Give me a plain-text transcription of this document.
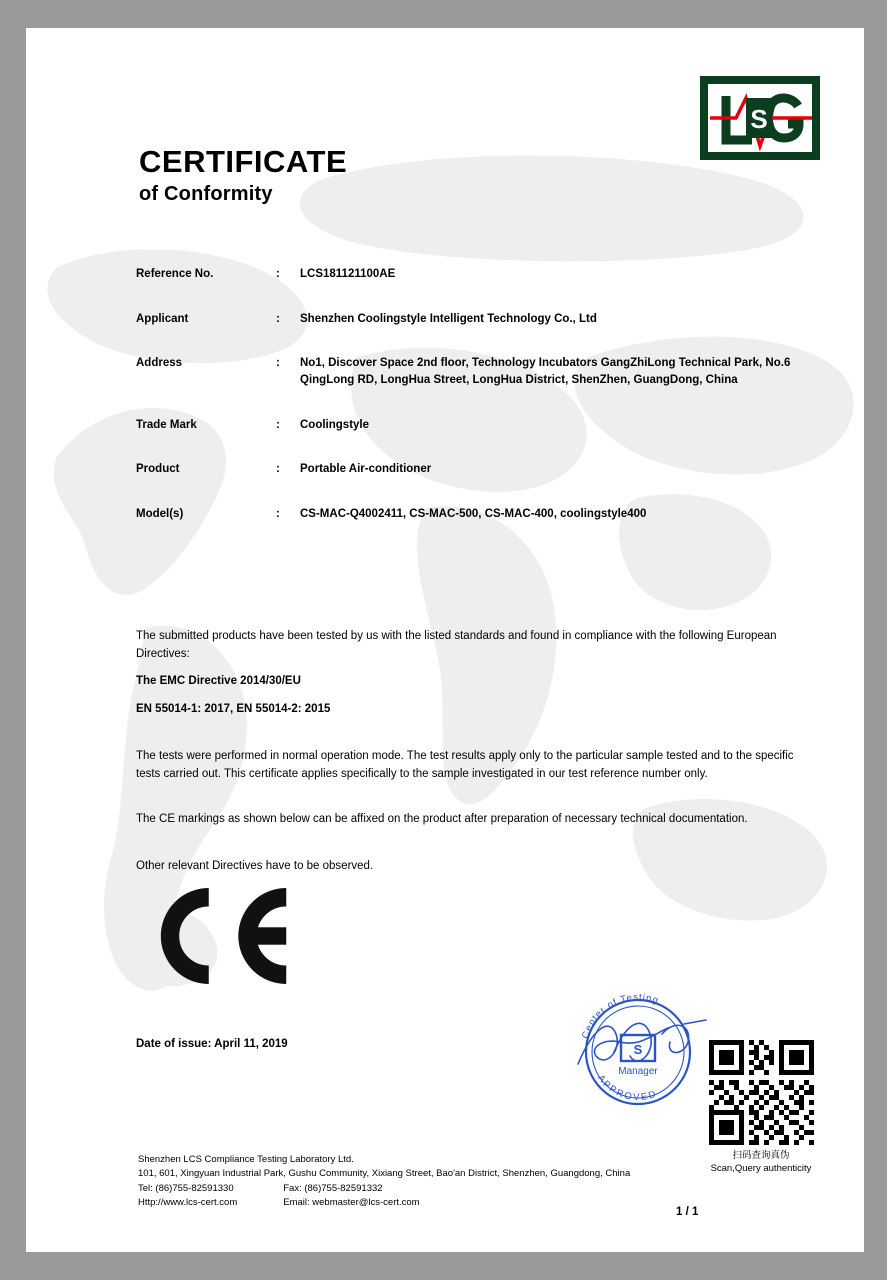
S
CERTIFICATE
of Conformity
Reference No.	:	LCS181121100AE
Applicant	:	Shenzhen Coolingstyle Intelligent Technology Co., Ltd
Address	:	No1, Discover Space 2nd floor, Technology Incubators GangZhiLong Technical Park, No.6 QingLong RD, LongHua Street, LongHua District, ShenZhen, GuangDong, China
Trade Mark	:	Coolingstyle
Product	:	Portable Air-conditioner
Model(s)	:	CS-MAC-Q4002411, CS-MAC-500, CS-MAC-400, coolingstyle400
The submitted products have been tested by us with the listed standards and found in compliance with the following European Directives:
The EMC Directive 2014/30/EU
EN 55014-1: 2017, EN 55014-2: 2015
The tests were performed in normal operation mode. The test results apply only to the particular sample tested and to the specific tests carried out. This certificate applies specifically to the sample investigated in our test reference number only.
The CE markings as shown below can be affixed on the product after preparation of necessary technical documentation.
Other relevant Directives have to be observed.
Date of issue: April 11, 2019	S
Center of Testing
APPROVED
Manager
扫码查询真伪
Scan,Query authenticity
Shenzhen LCS Compliance Testing Laboratory Ltd.
101, 601, Xingyuan Industrial Park, Gushu Community, Xixiang Street, Bao'an District, Shenzhen, Guangdong, China
Tel: (86)755-82591330
Http://www.lcs-cert.com
Fax: (86)755-82591332
Email: webmaster@lcs-cert.com
1 / 1
